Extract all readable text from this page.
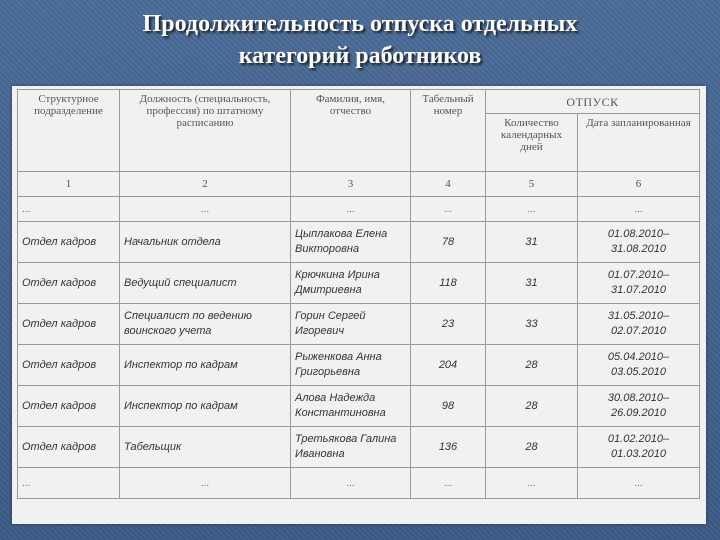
Продолжительность отпуска отдельных
категорий работников
Структурное подразделение	Должность (специальность, профессия) по штатному расписанию	Фамилия, имя, отчество	Табельный номер	ОТПУСК	
				Количество календарных дней	Дата запланированная
1	2	3	4	5	6
...	...	...	...	...	...
Отдел кадров	Начальник отдела	Цыплакова Елена Викторовна	78	31	01.08.2010– 31.08.2010
Отдел кадров	Ведущий специалист	Крючкина Ирина Дмитриевна	118	31	01.07.2010– 31.07.2010
Отдел кадров	Специалист по ведению воинского учета	Горин Сергей Игоревич	23	33	31.05.2010– 02.07.2010
Отдел кадров	Инспектор по кадрам	Рыженкова Анна Григорьевна	204	28	05.04.2010– 03.05.2010
Отдел кадров	Инспектор по кадрам	Алова Надежда Константиновна	98	28	30.08.2010– 26.09.2010
Отдел кадров	Табельщик	Третьякова Галина Ивановна	136	28	01.02.2010– 01.03.2010
...	...	...	...	...	...
